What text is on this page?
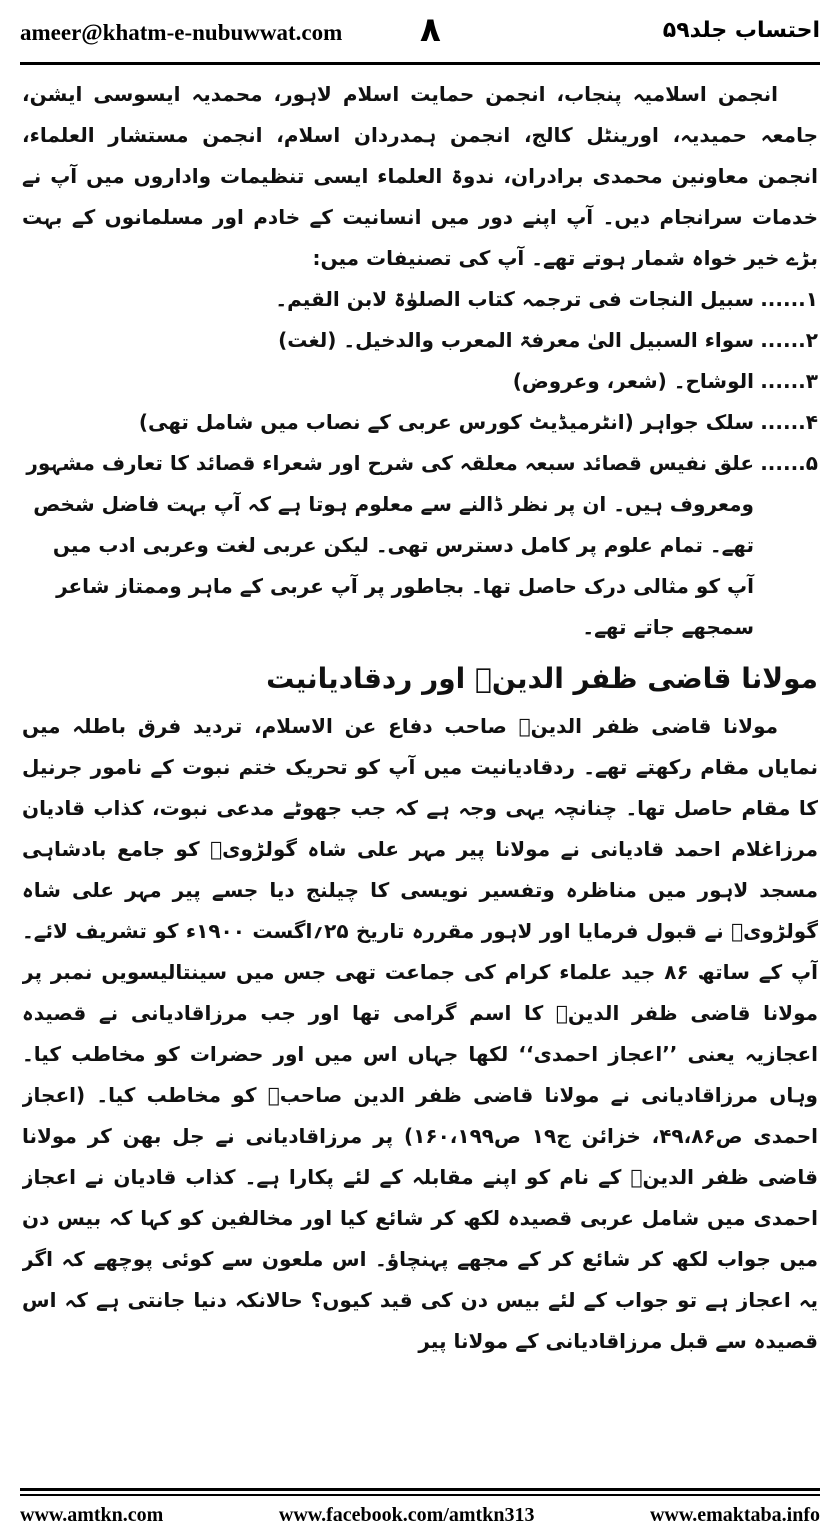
ameer@khatm-e-nubuwwat.com ۸	احتساب جلد۵۹

انجمن اسلامیہ پنجاب، انجمن حمایت اسلام لاہور، محمدیہ ایسوسی ایشن، جامعہ حمیدیہ، اورینٹل کالج، انجمن ہمدردان اسلام، انجمن مستشار العلماء، انجمن معاونین محمدی برادران، ندوۃ العلماء ایسی تنظیمات واداروں میں آپ نے خدمات سرانجام دیں۔ آپ اپنے دور میں انسانیت کے خادم اور مسلمانوں کے بہت بڑے خیر خواہ شمار ہوتے تھے۔ آپ کی تصنیفات میں:

۱......
سبیل النجات فی ترجمہ کتاب الصلوٰۃ لابن القیم۔
۲......
سواء السبیل الیٰ معرفۃ المعرب والدخیل۔ (لغت)
۳......
الوشاح۔ (شعر، وعروض)
۴......
سلک جواہر (انٹرمیڈیٹ کورس عربی کے نصاب میں شامل تھی)
۵......
علق نفیس قصائد سبعہ معلقہ کی شرح اور شعراء قصائد کا تعارف مشہور ومعروف ہیں۔ ان پر نظر ڈالنے سے معلوم ہوتا ہے کہ آپ بہت فاضل شخص تھے۔ تمام علوم پر کامل دسترس تھی۔ لیکن عربی لغت وعربی ادب میں آپ کو مثالی درک حاصل تھا۔ بجاطور پر آپ عربی کے ماہر وممتاز شاعر سمجھے جاتے تھے۔
مولانا قاضی ظفر الدینؒ اور ردقادیانیت

مولانا قاضی ظفر الدینؒ صاحب دفاع عن الاسلام، تردید فرق باطلہ میں نمایاں مقام رکھتے تھے۔ ردقادیانیت میں آپ کو تحریک ختم نبوت کے نامور جرنیل کا مقام حاصل تھا۔ چنانچہ یہی وجہ ہے کہ جب جھوٹے مدعی نبوت، کذاب قادیان مرزاغلام احمد قادیانی نے مولانا پیر مہر علی شاہ گولڑویؒ کو جامع بادشاہی مسجد لاہور میں مناظرہ وتفسیر نویسی کا چیلنج دیا جسے پیر مہر علی شاہ گولڑویؒ نے قبول فرمایا اور لاہور مقررہ تاریخ ۲۵؍اگست ۱۹۰۰ء کو تشریف لائے۔ آپ کے ساتھ ۸۶ جید علماء کرام کی جماعت تھی جس میں سینتالیسویں نمبر پر مولانا قاضی ظفر الدینؒ کا اسم گرامی تھا اور جب مرزاقادیانی نے قصیدہ اعجازیہ یعنی ’’اعجاز احمدی‘‘ لکھا جہاں اس میں اور حضرات کو مخاطب کیا۔ وہاں مرزاقادیانی نے مولانا قاضی ظفر الدین صاحبؒ کو مخاطب کیا۔ (اعجاز احمدی ص۴۹،۸۶، خزائن ج۱۹ ص۱۶۰،۱۹۹) پر مرزاقادیانی نے جل بھن کر مولانا قاضی ظفر الدینؒ کے نام کو اپنے مقابلہ کے لئے پکارا ہے۔ کذاب قادیان نے اعجاز احمدی میں شامل عربی قصیدہ لکھ کر شائع کیا اور مخالفین کو کہا کہ بیس دن میں جواب لکھ کر شائع کر کے مجھے پہنچاؤ۔ اس ملعون سے کوئی پوچھے کہ اگر یہ اعجاز ہے تو جواب کے لئے بیس دن کی قید کیوں؟ حالانکہ دنیا جانتی ہے کہ اس قصیدہ سے قبل مرزاقادیانی کے مولانا پیر

www.amtkn.com	www.facebook.com/amtkn313	www.emaktaba.info
